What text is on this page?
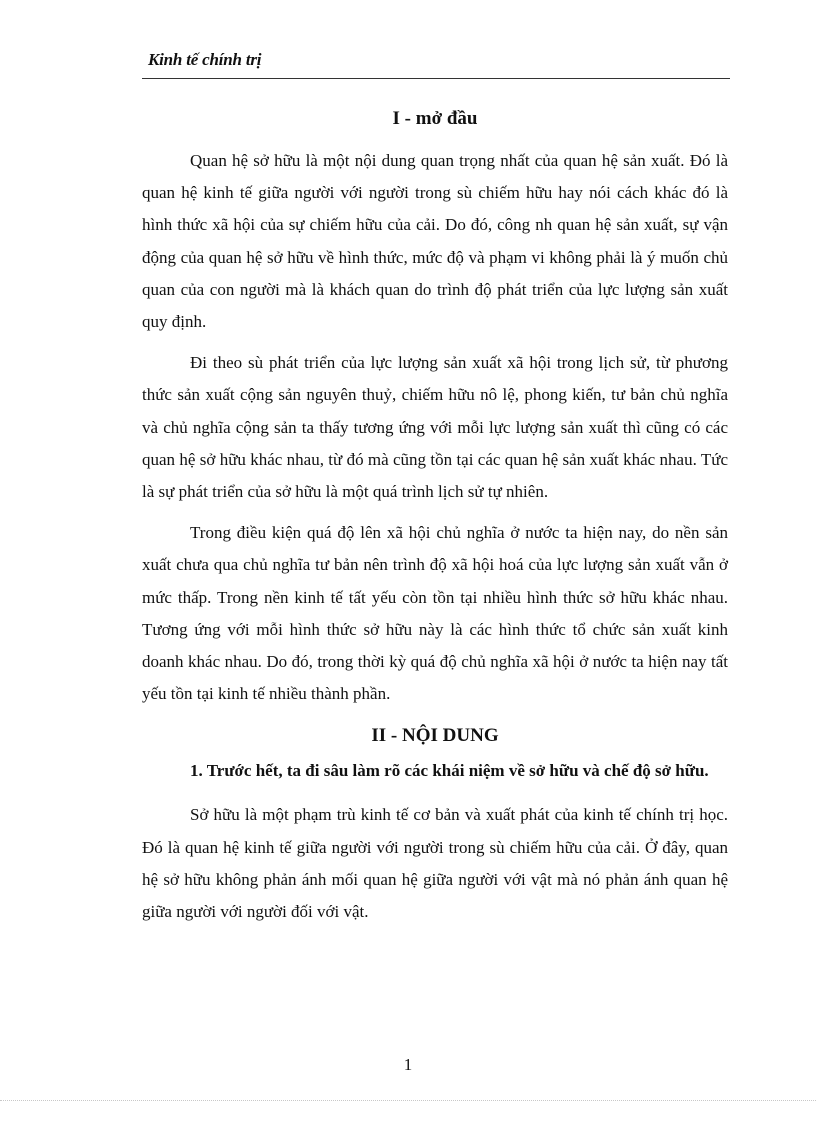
Kinh tế chính trị
I - mở đầu

Quan hệ sở hữu là một nội dung quan trọng nhất của quan hệ sản xuất. Đó là quan hệ kinh tế giữa người với người trong sù chiếm hữu hay nói cách khác đó là hình thức xã hội của sự chiếm hữu của cải. Do đó, công nh quan hệ sản xuất, sự vận động của quan hệ sở hữu về hình thức, mức độ và phạm vi không phải là ý muốn chủ quan của con người mà là khách quan do trình độ phát triển của lực lượng sản xuất quy định.

Đi theo sù phát triển của lực lượng sản xuất xã hội trong lịch sử, từ phương thức sản xuất cộng sản nguyên thuỷ, chiếm hữu nô lệ, phong kiến, tư bản chủ nghĩa và chủ nghĩa cộng sản ta thấy tương ứng với mỗi lực lượng sản xuất thì cũng có các quan hệ sở hữu khác nhau, từ đó mà cũng tồn tại các quan hệ sản xuất khác nhau. Tức là sự phát triển của sở hữu là một quá trình lịch sử tự nhiên.

Trong điều kiện quá độ lên xã hội chủ nghĩa ở nước ta hiện nay, do nền sản xuất chưa qua chủ nghĩa tư bản nên trình độ xã hội hoá của lực lượng sản xuất vẫn ở mức thấp. Trong nền kinh tế tất yếu còn tồn tại nhiều hình thức sở hữu khác nhau. Tương ứng với mỗi hình thức sở hữu này là các hình thức tổ chức sản xuất kinh doanh khác nhau. Do đó, trong thời kỳ quá độ chủ nghĩa xã hội ở nước ta hiện nay tất yếu tồn tại kinh tế nhiều thành phần.

II - NỘI DUNG

1. Trước hết, ta đi sâu làm rõ các khái niệm về sở hữu và chế độ sở hữu.

Sở hữu là một phạm trù kinh tế cơ bản và xuất phát của kinh tế chính trị học. Đó là quan hệ kinh tế giữa người với người trong sù chiếm hữu của cải. Ở đây, quan hệ sở hữu không phản ánh mối quan hệ giữa người với vật mà nó phản ánh quan hệ giữa người với người đối với vật.

1
